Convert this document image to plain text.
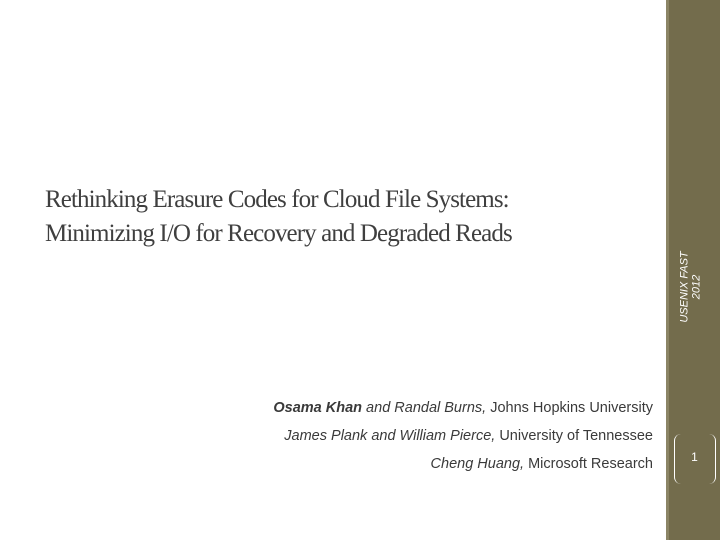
Rethinking Erasure Codes for Cloud File Systems:
Minimizing I/O for Recovery and Degraded Reads
Osama Khan and Randal Burns, Johns Hopkins University
James Plank and William Pierce, University of Tennessee
Cheng Huang, Microsoft Research
USENIX FAST 2012
1
